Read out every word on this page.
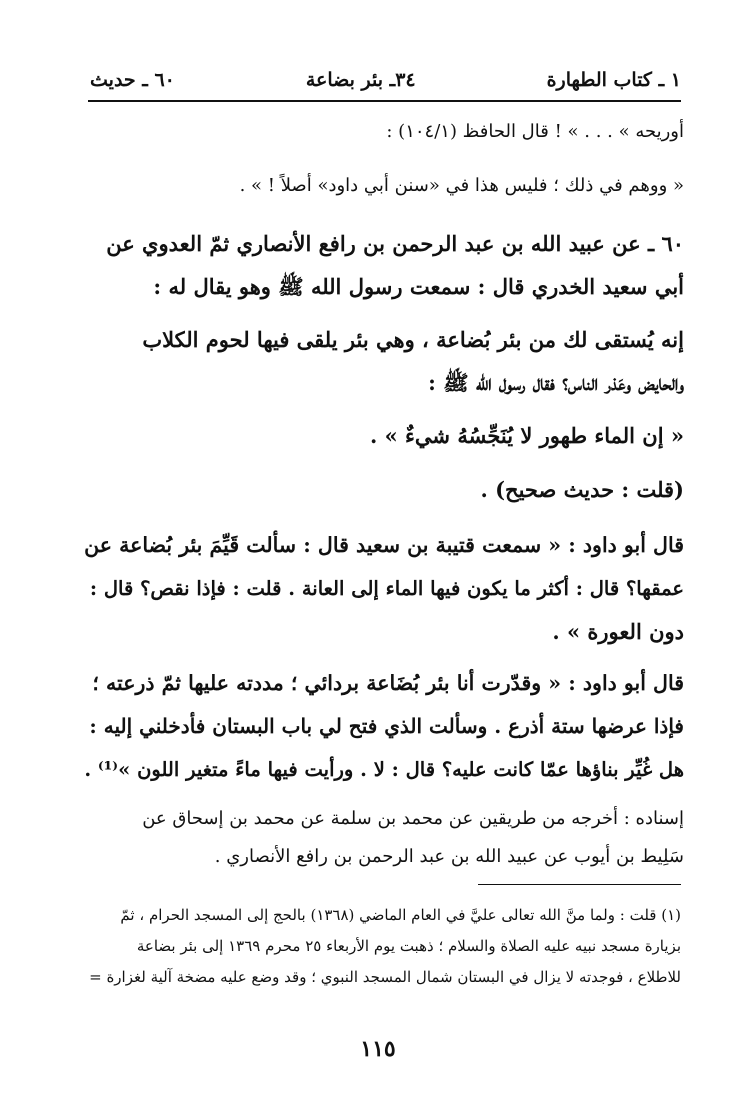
١ ـ كتاب الطهارة
٣٤ـ بئر بضاعة
٦٠ ـ حديث
أوريحه » . . . » ! قال الحافظ (١٠٤/١) :
« ووهم في ذلك ؛ فليس هذا في «سنن أبي داود» أصلاً ! » .
٦٠ ـ عن عبيد الله بن عبد الرحمن بن رافع الأنصاري ثمّ العدوي عن
أبي سعيد الخدري قال : سمعت رسول الله ﷺ وهو يقال له :
إنه يُستقى لك من بئر بُضاعة ، وهي بئر يلقى فيها لحوم الكلاب
والحايض وعَذر الناس؟ فقال رسول الله ﷺ :
« إن الماء طهور لا يُنَجِّسُهُ شيءٌ » .
(قلت : حديث صحيح) .
قال أبو داود : « سمعت قتيبة بن سعيد قال : سألت قَيِّمَ بئر بُضاعة عن
عمقها؟ قال : أكثر ما يكون فيها الماء إلى العانة . قلت : فإذا نقص؟ قال :
دون العورة » .
قال أبو داود : « وقدّرت أنا بئر بُضَاعة بردائي ؛ مددته عليها ثمّ ذرعته ؛
فإذا عرضها ستة أذرع . وسألت الذي فتح لي باب البستان فأدخلني إليه :
هل غُيِّر بناؤها عمّا كانت عليه؟ قال : لا . ورأيت فيها ماءً متغير اللون »⁽¹⁾ .
إسناده : أخرجه من طريقين عن محمد بن سلمة عن محمد بن إسحاق عن
سَلِيط بن أيوب عن عبيد الله بن عبد الرحمن بن رافع الأنصاري .
(١) قلت : ولما منَّ الله تعالى عليَّ في العام الماضي (١٣٦٨) بالحج إلى المسجد الحرام ، ثمّ
بزيارة مسجد نبيه عليه الصلاة والسلام ؛ ذهبت يوم الأربعاء ٢٥ محرم ١٣٦٩ إلى بئر بضاعة
للاطلاع ، فوجدته لا يزال في البستان شمال المسجد النبوي ؛ وقد وضع عليه مضخة آلية لغزارة =
١١٥
